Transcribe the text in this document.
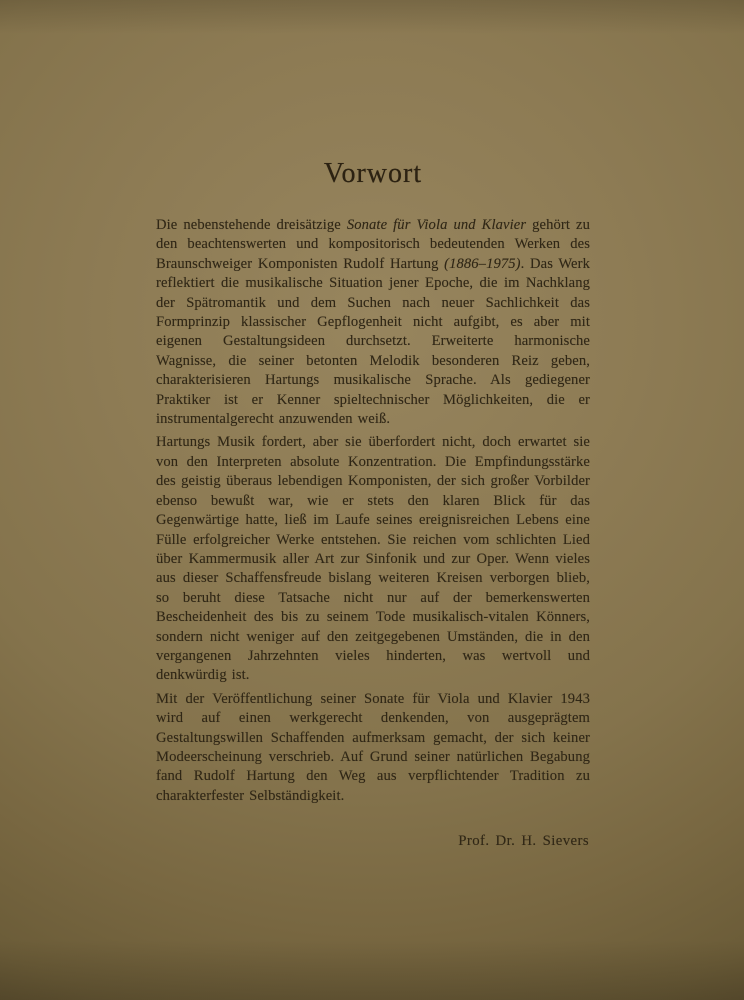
Vorwort

Die nebenstehende dreisätzige Sonate für Viola und Klavier gehört zu den beachtenswerten und kompositorisch bedeutenden Werken des Braunschweiger Komponisten Rudolf Hartung (1886–1975). Das Werk reflektiert die musikalische Situation jener Epoche, die im Nachklang der Spätromantik und dem Suchen nach neuer Sachlichkeit das Formprinzip klassischer Gepflogenheit nicht aufgibt, es aber mit eigenen Gestaltungsideen durchsetzt. Erweiterte harmonische Wagnisse, die seiner betonten Melodik besonderen Reiz geben, charakterisieren Hartungs musikalische Sprache. Als gediegener Praktiker ist er Kenner spieltechnischer Möglichkeiten, die er instrumentalgerecht anzuwenden weiß.

Hartungs Musik fordert, aber sie überfordert nicht, doch erwartet sie von den Interpreten absolute Konzentration. Die Empfindungsstärke des geistig überaus lebendigen Komponisten, der sich großer Vorbilder ebenso bewußt war, wie er stets den klaren Blick für das Gegenwärtige hatte, ließ im Laufe seines ereignisreichen Lebens eine Fülle erfolgreicher Werke entstehen. Sie reichen vom schlichten Lied über Kammermusik aller Art zur Sinfonik und zur Oper. Wenn vieles aus dieser Schaffensfreude bislang weiteren Kreisen verborgen blieb, so beruht diese Tatsache nicht nur auf der bemerkenswerten Bescheidenheit des bis zu seinem Tode musikalisch-vitalen Könners, sondern nicht weniger auf den zeitgegebenen Umständen, die in den vergangenen Jahrzehnten vieles hinderten, was wertvoll und denkwürdig ist.

Mit der Veröffentlichung seiner Sonate für Viola und Klavier 1943 wird auf einen werkgerecht denkenden, von ausgeprägtem Gestaltungswillen Schaffenden aufmerksam gemacht, der sich keiner Modeerscheinung verschrieb. Auf Grund seiner natürlichen Begabung fand Rudolf Hartung den Weg aus verpflichtender Tradition zu charakterfester Selbständigkeit.

Prof. Dr. H. Sievers
